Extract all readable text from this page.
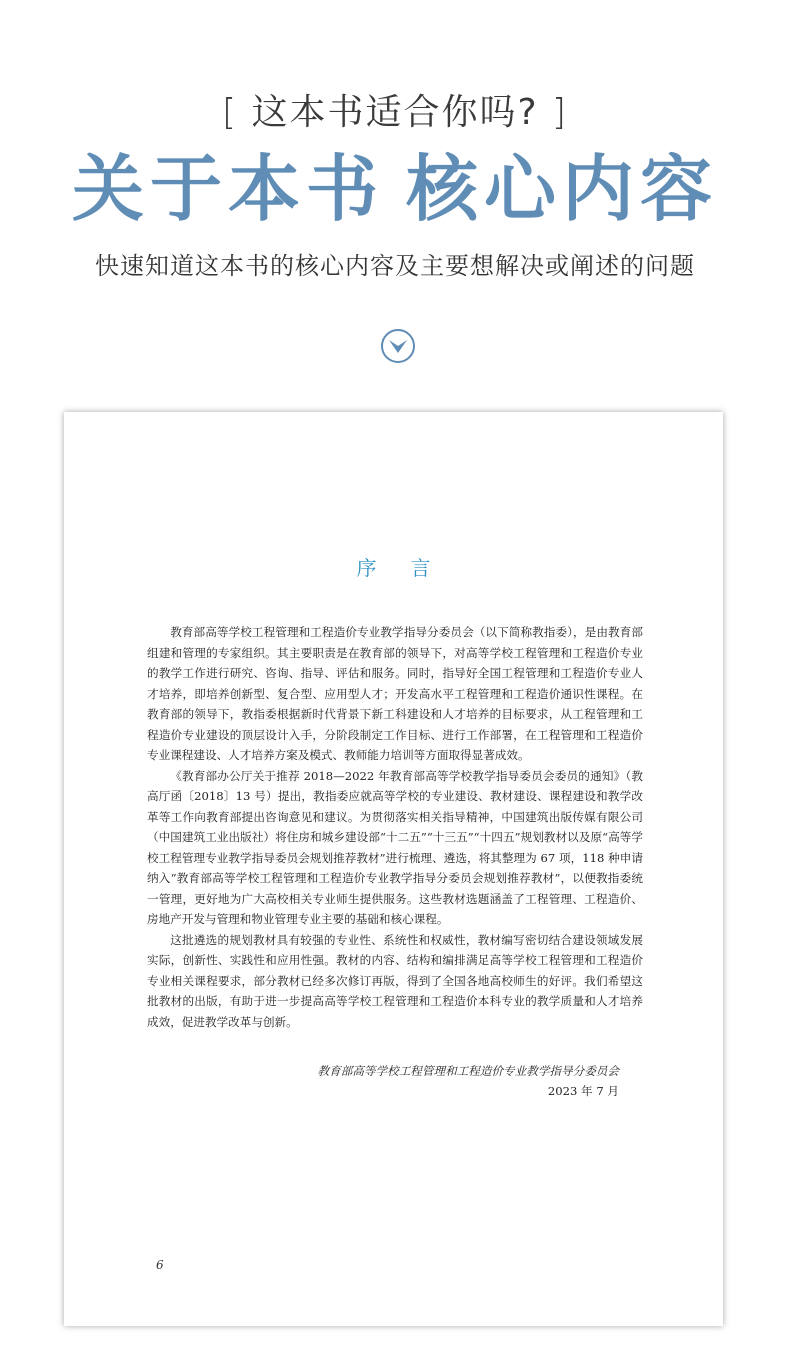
[ 这本书适合你吗? ]
关于本书 核心内容
快速知道这本书的核心内容及主要想解决或阐述的问题
序言

教育部高等学校工程管理和工程造价专业教学指导分委员会（以下简称教指委），是由教育部组建和管理的专家组织。其主要职责是在教育部的领导下，对高等学校工程管理和工程造价专业的教学工作进行研究、咨询、指导、评估和服务。同时，指导好全国工程管理和工程造价专业人才培养，即培养创新型、复合型、应用型人才；开发高水平工程管理和工程造价通识性课程。在教育部的领导下，教指委根据新时代背景下新工科建设和人才培养的目标要求，从工程管理和工程造价专业建设的顶层设计入手，分阶段制定工作目标、进行工作部署，在工程管理和工程造价专业课程建设、人才培养方案及模式、教师能力培训等方面取得显著成效。

《教育部办公厅关于推荐 2018—2022 年教育部高等学校教学指导委员会委员的通知》（教高厅函〔2018〕13 号）提出，教指委应就高等学校的专业建设、教材建设、课程建设和教学改革等工作向教育部提出咨询意见和建议。为贯彻落实相关指导精神，中国建筑出版传媒有限公司（中国建筑工业出版社）将住房和城乡建设部“十二五”“十三五”“十四五”规划教材以及原“高等学校工程管理专业教学指导委员会规划推荐教材”进行梳理、遴选，将其整理为 67 项，118 种申请纳入“教育部高等学校工程管理和工程造价专业教学指导分委员会规划推荐教材”，以便教指委统一管理，更好地为广大高校相关专业师生提供服务。这些教材选题涵盖了工程管理、工程造价、房地产开发与管理和物业管理专业主要的基础和核心课程。

这批遴选的规划教材具有较强的专业性、系统性和权威性，教材编写密切结合建设领域发展实际，创新性、实践性和应用性强。教材的内容、结构和编排满足高等学校工程管理和工程造价专业相关课程要求，部分教材已经多次修订再版，得到了全国各地高校师生的好评。我们希望这批教材的出版，有助于进一步提高高等学校工程管理和工程造价本科专业的教学质量和人才培养成效，促进教学改革与创新。

教育部高等学校工程管理和工程造价专业教学指导分委员会
2023 年 7 月
6
